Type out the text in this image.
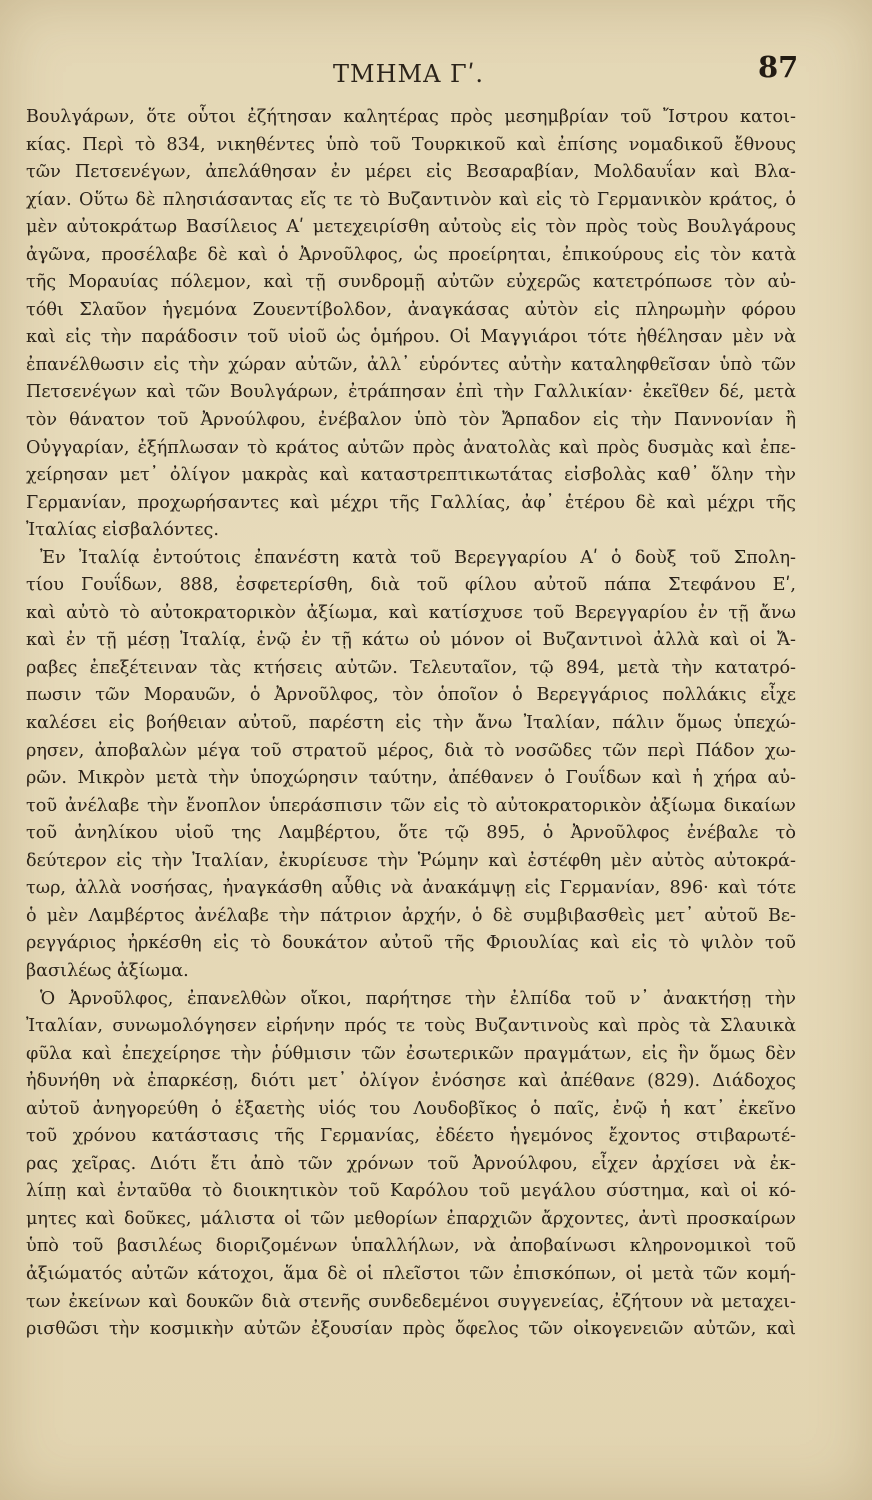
ΤΜΗΜΑ Γʹ.	87
Βουλγάρων, ὅτε οὗτοι ἐζήτησαν καλητέρας πρὸς μεσημβρίαν τοῦ Ἴστρου κατοι-
κίας. Περὶ τὸ 834, νικηθέντες ὑπὸ τοῦ Τουρκικοῦ καὶ ἐπίσης νομαδικοῦ ἔθνους
τῶν Πετσενέγων, ἀπελάθησαν ἐν μέρει εἰς Βεσαραβίαν, Μολδαυΐαν καὶ Βλα-
χίαν. Οὕτω δὲ πλησιάσαντας εἴς τε τὸ Βυζαντινὸν καὶ εἰς τὸ Γερμανικὸν κράτος, ὁ
μὲν αὐτοκράτωρ Βασίλειος Αʹ μετεχειρίσθη αὐτοὺς εἰς τὸν πρὸς τοὺς Βουλγάρους
ἀγῶνα, προσέλαβε δὲ καὶ ὁ Ἀρνοῦλφος, ὡς προείρηται, ἐπικούρους εἰς τὸν κατὰ
τῆς Μοραυίας πόλεμον, καὶ τῇ συνδρομῇ αὐτῶν εὐχερῶς κατετρόπωσε τὸν αὐ-
τόθι Σλαῦον ἡγεμόνα Ζουεντίβολδον, ἀναγκάσας αὐτὸν εἰς πληρωμὴν φόρου
καὶ εἰς τὴν παράδοσιν τοῦ υἱοῦ ὡς ὁμήρου. Οἱ Μαγγιάροι τότε ἠθέλησαν μὲν νὰ
ἐπανέλθωσιν εἰς τὴν χώραν αὐτῶν, ἀλλ᾽ εὑρόντες αὐτὴν καταληφθεῖσαν ὑπὸ τῶν
Πετσενέγων καὶ τῶν Βουλγάρων, ἐτράπησαν ἐπὶ τὴν Γαλλικίαν· ἐκεῖθεν δέ, μετὰ
τὸν θάνατον τοῦ Ἀρνούλφου, ἐνέβαλον ὑπὸ τὸν Ἄρπαδον εἰς τὴν Παννονίαν ἢ
Οὐγγαρίαν, ἐξήπλωσαν τὸ κράτος αὐτῶν πρὸς ἀνατολὰς καὶ πρὸς δυσμὰς καὶ ἐπε-
χείρησαν μετ᾽ ὀλίγον μακρὰς καὶ καταστρεπτικωτάτας εἰσβολὰς καθ᾽ ὅλην τὴν
Γερμανίαν, προχωρήσαντες καὶ μέχρι τῆς Γαλλίας, ἀφ᾽ ἑτέρου δὲ καὶ μέχρι τῆς
Ἰταλίας εἰσβαλόντες.
Ἐν Ἰταλίᾳ ἐντούτοις ἐπανέστη κατὰ τοῦ Βερεγγαρίου Αʹ ὁ δοὺξ τοῦ Σπολη-
τίου Γουΐδων, 888, ἐσφετερίσθη, διὰ τοῦ φίλου αὐτοῦ πάπα Στεφάνου Εʹ,
καὶ αὐτὸ τὸ αὐτοκρατορικὸν ἀξίωμα, καὶ κατίσχυσε τοῦ Βερεγγαρίου ἐν τῇ ἄνω
καὶ ἐν τῇ μέσῃ Ἰταλίᾳ, ἐνῷ ἐν τῇ κάτω οὐ μόνον οἱ Βυζαντινοὶ ἀλλὰ καὶ οἱ Ἄ-
ραβες ἐπεξέτειναν τὰς κτήσεις αὐτῶν. Τελευταῖον, τῷ 894, μετὰ τὴν κατατρό-
πωσιν τῶν Μοραυῶν, ὁ Ἀρνοῦλφος, τὸν ὁποῖον ὁ Βερεγγάριος πολλάκις εἶχε
καλέσει εἰς βοήθειαν αὐτοῦ, παρέστη εἰς τὴν ἄνω Ἰταλίαν, πάλιν ὅμως ὑπεχώ-
ρησεν, ἀποβαλὼν μέγα τοῦ στρατοῦ μέρος, διὰ τὸ νοσῶδες τῶν περὶ Πάδον χω-
ρῶν. Μικρὸν μετὰ τὴν ὑποχώρησιν ταύτην, ἀπέθανεν ὁ Γουΐδων καὶ ἡ χήρα αὐ-
τοῦ ἀνέλαβε τὴν ἔνοπλον ὑπεράσπισιν τῶν εἰς τὸ αὐτοκρατορικὸν ἀξίωμα δικαίων
τοῦ ἀνηλίκου υἱοῦ της Λαμβέρτου, ὅτε τῷ 895, ὁ Ἀρνοῦλφος ἐνέβαλε τὸ
δεύτερον εἰς τὴν Ἰταλίαν, ἐκυρίευσε τὴν Ῥώμην καὶ ἐστέφθη μὲν αὐτὸς αὐτοκρά-
τωρ, ἀλλὰ νοσήσας, ἠναγκάσθη αὖθις νὰ ἀνακάμψῃ εἰς Γερμανίαν, 896· καὶ τότε
ὁ μὲν Λαμβέρτος ἀνέλαβε τὴν πάτριον ἀρχήν, ὁ δὲ συμβιβασθεὶς μετ᾽ αὐτοῦ Βε-
ρεγγάριος ἠρκέσθη εἰς τὸ δουκάτον αὐτοῦ τῆς Φριουλίας καὶ εἰς τὸ ψιλὸν τοῦ
βασιλέως ἀξίωμα.
Ὁ Ἀρνοῦλφος, ἐπανελθὼν οἴκοι, παρήτησε τὴν ἐλπίδα τοῦ ν᾽ ἀνακτήσῃ τὴν
Ἰταλίαν, συνωμολόγησεν εἰρήνην πρός τε τοὺς Βυζαντινοὺς καὶ πρὸς τὰ Σλαυικὰ
φῦλα καὶ ἐπεχείρησε τὴν ῥύθμισιν τῶν ἐσωτερικῶν πραγμάτων, εἰς ἣν ὅμως δὲν
ἠδυνήθη νὰ ἐπαρκέσῃ, διότι μετ᾽ ὀλίγον ἐνόσησε καὶ ἀπέθανε (829). Διάδοχος
αὐτοῦ ἀνηγορεύθη ὁ ἑξαετὴς υἱός του Λουδοβῖκος ὁ παῖς, ἐνῷ ἡ κατ᾽ ἐκεῖνο
τοῦ χρόνου κατάστασις τῆς Γερμανίας, ἐδέετο ἡγεμόνος ἔχοντος στιβαρωτέ-
ρας χεῖρας. Διότι ἔτι ἀπὸ τῶν χρόνων τοῦ Ἀρνούλφου, εἶχεν ἀρχίσει νὰ ἐκ-
λίπῃ καὶ ἐνταῦθα τὸ διοικητικὸν τοῦ Καρόλου τοῦ μεγάλου σύστημα, καὶ οἱ κό-
μητες καὶ δοῦκες, μάλιστα οἱ τῶν μεθορίων ἐπαρχιῶν ἄρχοντες, ἀντὶ προσκαίρων
ὑπὸ τοῦ βασιλέως διοριζομένων ὑπαλλήλων, νὰ ἀποβαίνωσι κληρονομικοὶ τοῦ
ἀξιώματός αὐτῶν κάτοχοι, ἅμα δὲ οἱ πλεῖστοι τῶν ἐπισκόπων, οἱ μετὰ τῶν κομή-
των ἐκείνων καὶ δουκῶν διὰ στενῆς συνδεδεμένοι συγγενείας, ἐζήτουν νὰ μεταχει-
ρισθῶσι τὴν κοσμικὴν αὐτῶν ἐξουσίαν πρὸς ὄφελος τῶν οἰκογενειῶν αὐτῶν, καὶ
